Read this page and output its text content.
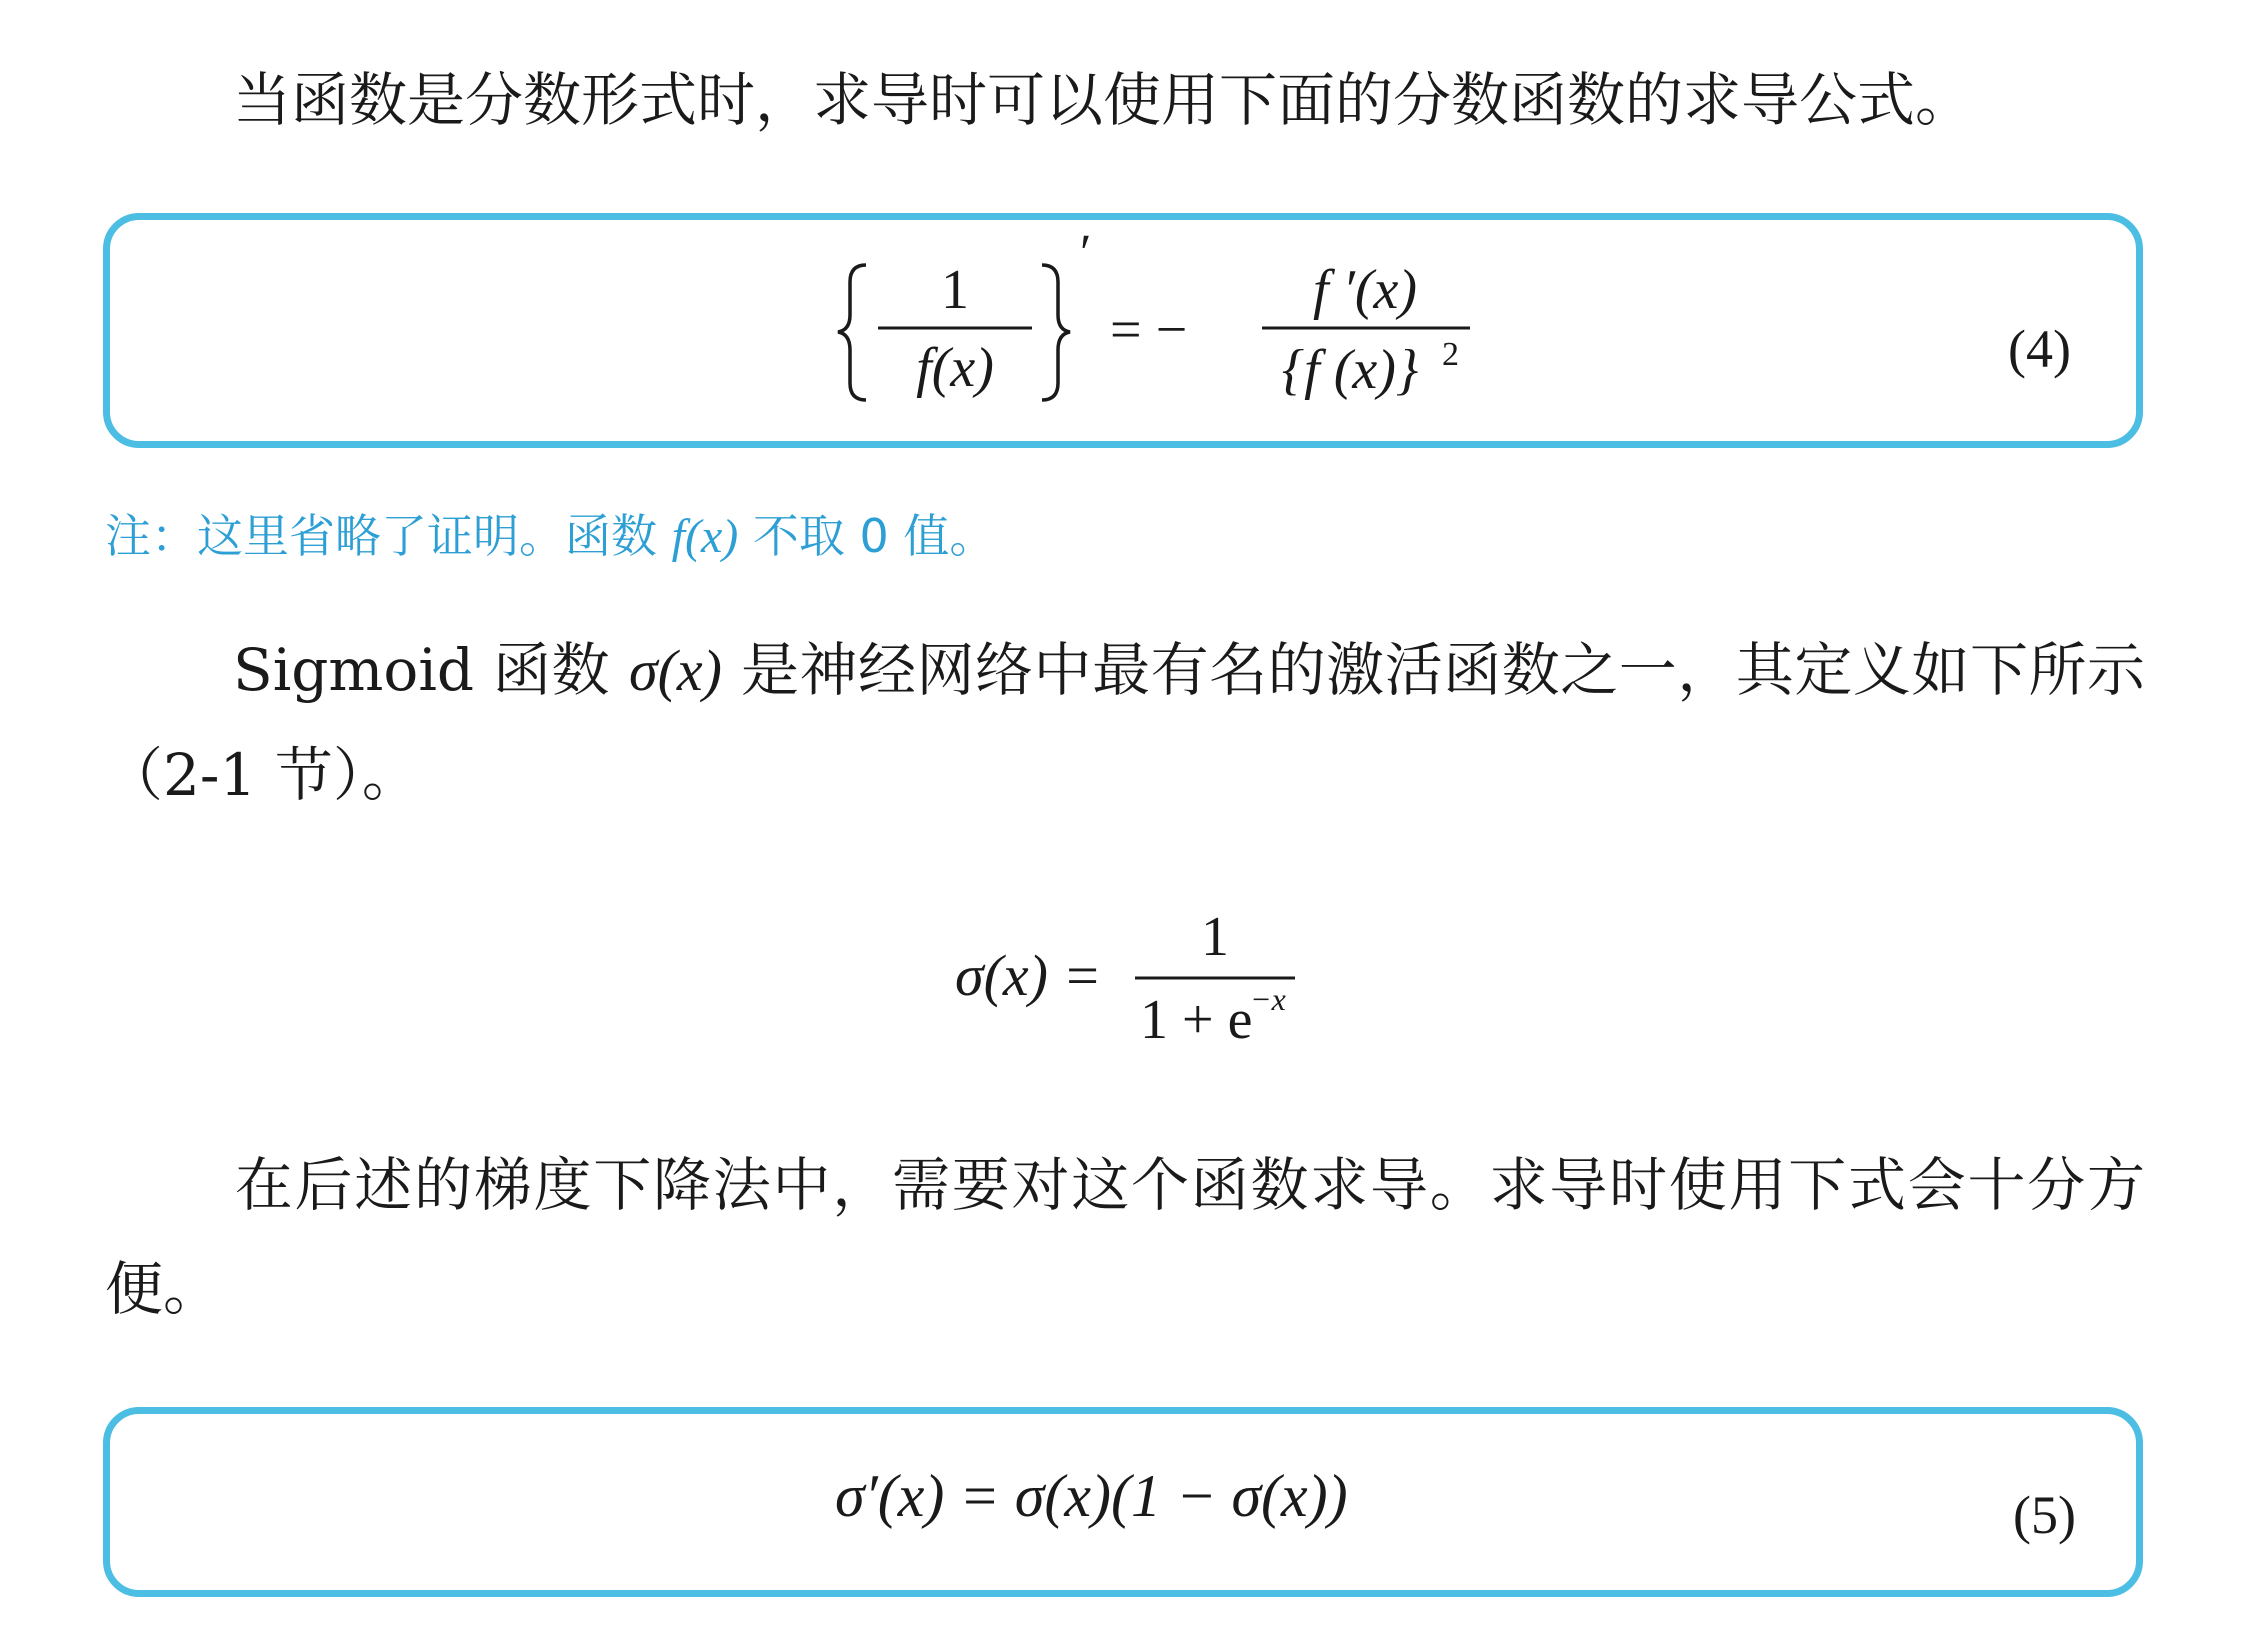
当函数是分数形式时，求导时可以使用下面的分数函数的求导公式。

1
f(x)
′
= −
f ′(x)
{f (x)} 2	(4)

注：这里省略了证明。函数 f(x) 不取 0 值。

Sigmoid 函数 σ(x) 是神经网络中最有名的激活函数之一，其定义如下所示（2-1 节）。

σ(x) =
1
1 + e
−x

在后述的梯度下降法中，需要对这个函数求导。求导时使用下式会十分方便。

σ′(x) = σ(x)(1 − σ(x))	(5)
